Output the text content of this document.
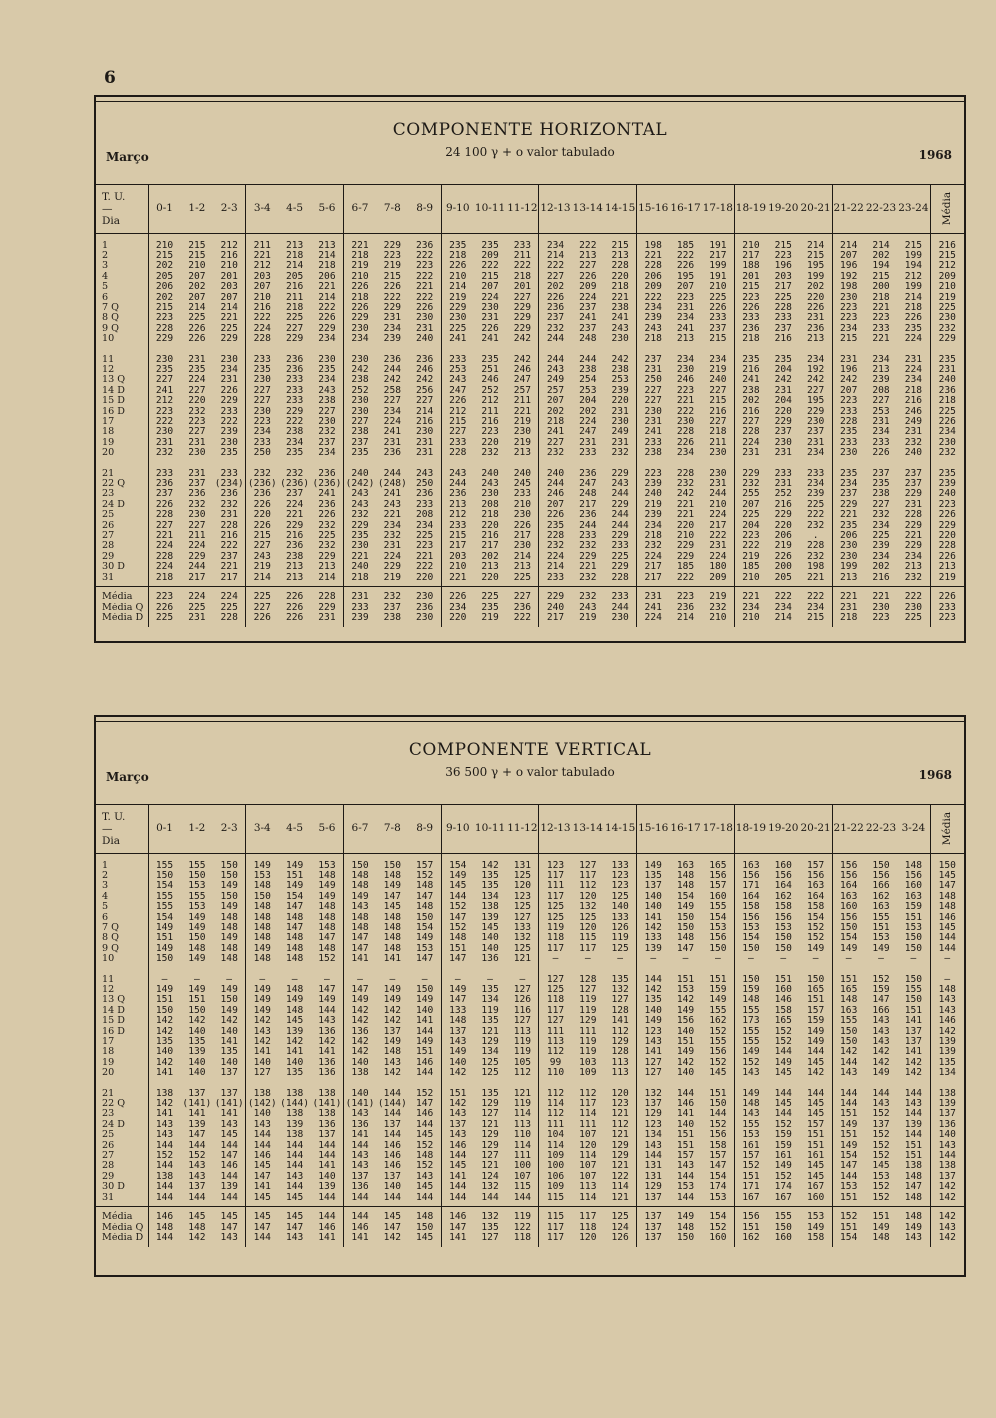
6
COMPONENTE HORIZONTAL
24 100 γ + o valor tabulado
Março	1968
T. U.
—
Dia	0-1	1-2	2-3	3-4	4-5	5-6	6-7	7-8	8-9	9-10	10-11	11-12	12-13	13-14	14-15	15-16	16-17	17-18	18-19	19-20	20-21	21-22	22-23	23-24	Média
1	210	215	212	211	213	213	221	229	236	235	235	233	234	222	215	198	185	191	210	215	214	214	214	215	216
2	215	215	216	221	218	214	218	223	222	218	209	211	214	213	213	221	222	217	217	223	215	207	202	199	215
3	202	210	210	212	214	218	219	219	223	226	222	222	222	227	228	228	226	199	188	196	195	196	194	194	212
4	205	207	201	203	205	206	210	215	222	210	215	218	227	226	220	206	195	191	201	203	199	192	215	212	209
5	206	202	203	207	216	221	226	226	221	214	207	201	202	209	218	209	207	210	215	217	202	198	200	199	210
6	202	207	207	210	211	214	218	222	222	219	224	227	226	224	221	222	223	225	223	225	220	230	218	214	219
7 Q	215	214	214	216	218	222	226	229	226	229	230	229	236	237	238	234	231	226	226	228	226	223	221	218	225
8 Q	223	225	221	222	225	226	229	231	230	230	231	229	237	241	241	239	234	233	233	233	231	223	223	226	230
9 Q	228	226	225	224	227	229	230	234	231	225	226	229	232	237	243	243	241	237	236	237	236	234	233	235	232
10	229	226	229	228	229	234	234	239	240	241	241	242	244	248	230	218	213	215	218	216	213	215	221	224	229
11	230	231	230	233	236	230	230	236	236	233	235	242	244	244	242	237	234	234	235	235	234	231	234	231	235
12	235	235	234	235	236	235	242	244	246	253	251	246	243	238	238	231	230	219	216	204	192	196	213	224	231
13 Q	227	224	231	230	233	234	238	242	242	243	246	247	249	254	253	250	246	240	241	242	242	242	239	234	240
14 D	241	227	226	227	233	243	252	258	256	247	252	257	257	253	239	227	223	227	238	231	227	207	208	218	236
15 D	212	220	229	227	233	238	230	227	227	226	212	211	207	204	220	227	221	215	202	204	195	223	227	216	218
16 D	223	232	233	230	229	227	230	234	214	212	211	221	202	202	231	230	222	216	216	220	229	233	253	246	225
17	222	223	222	223	222	230	227	224	216	215	216	219	218	224	230	231	230	227	227	229	230	228	231	249	226
18	230	227	239	234	238	232	238	241	230	227	223	230	241	247	249	241	228	218	228	237	237	235	234	231	234
19	231	231	230	233	234	237	237	231	231	233	220	219	227	231	231	233	226	211	224	230	231	233	233	232	230
20	232	230	235	250	235	234	235	236	231	228	232	213	232	233	232	238	234	230	231	231	234	230	226	240	232
21	233	231	233	232	232	236	240	244	243	243	240	240	240	236	229	223	228	230	229	233	233	235	237	237	235
22 Q	236	237	(234)	(236)	(236)	(236)	(242)	(248)	250	244	243	245	244	247	243	239	232	231	232	231	234	234	235	237	239
23	237	236	236	236	237	241	243	241	236	236	230	233	246	248	244	240	242	244	255	252	239	237	238	229	240
24 D	226	232	232	226	224	236	243	243	233	213	208	210	207	217	229	219	221	210	207	216	225	229	227	231	223
25	228	230	231	220	221	226	232	221	208	212	218	230	226	236	244	239	221	224	225	229	222	221	232	228	226
26	227	227	228	226	229	232	229	234	234	233	220	226	235	244	244	234	220	217	204	220	232	235	234	229	229
27	221	211	216	215	216	225	235	232	225	215	216	217	228	233	229	218	210	222	223	206	.	206	225	221	220
28	224	224	222	227	236	232	230	231	223	217	217	230	232	232	233	232	229	231	222	219	228	230	239	229	228
29	228	229	237	243	238	229	221	224	221	203	202	214	224	229	225	224	229	224	219	226	232	230	234	234	226
30 D	224	244	221	219	213	213	240	229	222	210	213	213	214	221	229	217	185	180	185	200	198	199	202	213	213
31	218	217	217	214	213	214	218	219	220	221	220	225	233	232	228	217	222	209	210	205	221	213	216	232	219
Média	223	224	224	225	226	228	231	232	230	226	225	227	229	232	233	231	223	219	221	222	222	221	221	222	226
Média Q	226	225	225	227	226	229	233	237	236	234	235	236	240	243	244	241	236	232	234	234	234	231	230	230	233
Média D	225	231	228	226	226	231	239	238	230	220	219	222	217	219	230	224	214	210	210	214	215	218	223	225	223
COMPONENTE VERTICAL
36 500 γ + o valor tabulado
Março	1968
T. U.
—
Dia	0-1	1-2	2-3	3-4	4-5	5-6	6-7	7-8	8-9	9-10	10-11	11-12	12-13	13-14	14-15	15-16	16-17	17-18	18-19	19-20	20-21	21-22	22-23	3-24	Média
1	155	155	150	149	149	153	150	150	157	154	142	131	123	127	133	149	163	165	163	160	157	156	150	148	150
2	150	150	150	153	151	148	148	148	152	149	135	125	117	117	123	135	148	156	156	156	156	156	156	156	145
3	154	153	149	148	149	149	148	149	148	145	135	120	111	112	123	137	148	157	171	164	163	164	166	160	147
4	155	155	150	150	154	149	149	147	147	144	134	123	117	120	125	140	154	160	164	162	164	163	162	163	148
5	155	153	149	148	147	148	143	145	148	152	138	125	125	132	140	140	149	155	158	158	158	160	163	159	148
6	154	149	148	148	148	148	148	148	150	147	139	127	125	125	133	141	150	154	156	156	154	156	155	151	146
7 Q	149	149	148	148	147	148	148	148	154	152	145	133	119	120	126	142	150	153	153	153	152	150	151	153	145
8 Q	151	150	149	148	148	147	147	148	149	148	140	132	118	115	119	133	148	156	154	150	152	154	153	150	144
9 Q	149	148	148	149	148	148	147	148	153	151	140	125	117	117	125	139	147	150	150	150	149	149	149	150	144
10	150	149	148	148	148	152	141	141	147	147	136	121	—	—	—	—	—	—	—	—	—	—	—	—	—
11	—	—	—	—	—	—	—	—	—	—	—	—	127	128	135	144	151	151	150	151	150	151	152	150	—
12	149	149	149	149	148	147	147	149	150	149	135	127	125	127	132	142	153	159	159	160	165	165	159	155	148
13 Q	151	151	150	149	149	149	149	149	149	147	134	126	118	119	127	135	142	149	148	146	151	148	147	150	143
14 D	150	150	149	149	148	144	142	142	140	133	119	116	117	119	128	140	149	155	155	158	157	163	166	151	143
15 D	142	142	142	142	145	143	142	142	141	148	135	127	127	129	141	149	156	162	173	165	159	155	143	141	146
16 D	142	140	140	143	139	136	136	137	144	137	121	113	111	111	112	123	140	152	155	152	149	150	143	137	142
17	135	135	141	142	142	142	142	149	149	143	129	119	113	119	129	143	151	155	155	152	149	150	143	137	139
18	140	139	135	141	141	141	142	148	151	149	134	119	112	119	128	141	149	156	149	144	144	142	142	141	139
19	142	140	140	140	140	136	140	143	146	140	125	105	99	103	113	127	142	152	152	149	145	144	142	142	135
20	141	140	137	127	135	136	138	142	144	142	125	112	110	109	113	127	140	145	143	145	142	143	149	142	134
21	138	137	137	138	138	138	140	144	152	151	135	121	112	112	120	132	144	151	149	144	144	144	144	144	138
22 Q	142	(141)	(141)	(142)	(144)	(141)	(141)	(144)	147	142	129	119	114	117	123	137	146	150	148	145	145	144	143	143	139
23	141	141	141	140	138	138	143	144	146	143	127	114	112	114	121	129	141	144	143	144	145	151	152	144	137
24 D	143	139	143	143	139	136	136	137	144	137	121	113	111	111	112	123	140	152	155	152	157	149	137	139	136
25	143	147	145	144	138	137	141	144	145	143	129	110	104	107	121	134	151	156	153	159	151	151	152	144	140
26	144	144	144	144	144	144	144	146	152	146	129	114	114	120	129	143	151	158	161	159	151	149	152	151	143
27	152	152	147	146	144	144	143	146	148	144	127	111	109	114	129	144	157	157	157	161	161	154	152	151	144
28	144	143	146	145	144	141	143	146	152	145	121	100	100	107	121	131	143	147	152	149	145	147	145	138	138
29	138	143	144	147	143	140	137	137	143	141	124	107	106	107	122	131	144	154	151	152	145	144	153	148	137
30 D	144	137	139	141	144	139	136	140	145	144	132	115	109	113	114	129	153	174	171	174	167	153	152	147	142
31	144	144	144	145	145	144	144	144	144	144	144	144	115	114	121	137	144	153	167	167	160	151	152	148	142
Média	146	145	145	145	145	144	144	145	148	146	132	119	115	117	125	137	149	154	156	155	153	152	151	148	142
Média Q	148	148	147	147	147	146	146	147	150	147	135	122	117	118	124	137	148	152	151	150	149	151	149	149	143
Média D	144	142	143	144	143	141	141	142	145	141	127	118	117	120	126	137	150	160	162	160	158	154	148	143	142
